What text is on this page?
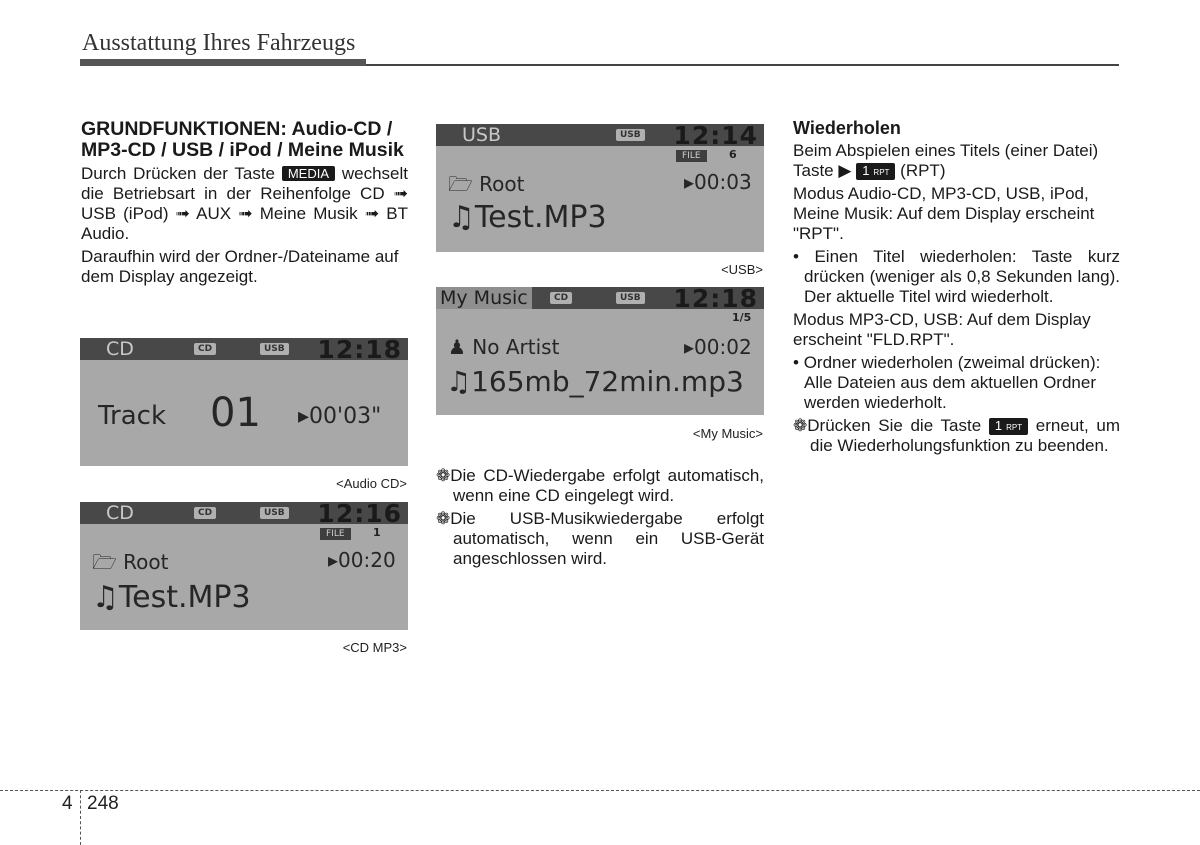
Ausstattung Ihres Fahrzeugs

GRUNDFUNKTIONEN: Audio-CD / MP3-CD / USB / iPod / Meine Musik

Durch Drücken der Taste MEDIA wechselt die Betriebsart in der Reihenfolge CD ➟ USB (iPod) ➟ AUX ➟ Meine Musik ➟ BT Audio.

Daraufhin wird der Ordner-/Dateiname auf dem Display angezeigt.

CD	CD	USB 12:18
Track 01 ▸00'03"
<Audio CD>
CD	CD	USB 12:16
FILE	1
🗁 Root	▸00:20
♫Test.MP3
<CD MP3>
USB	USB 12:14
FILE	6
🗁 Root	▸00:03
♫Test.MP3
<USB>
My Music	CD	USB 12:18
1/5
♟ No Artist	▸00:02
♫165mb_72min.mp3
<My Music>

❁Die CD-Wiedergabe erfolgt automatisch, wenn eine CD eingelegt wird.

❁Die USB-Musikwiedergabe erfolgt automatisch, wenn ein USB-Gerät angeschlossen wird.

Wiederholen

Beim Abspielen eines Titels (einer Datei) Taste ▶ 1 RPT (RPT)

Modus Audio-CD, MP3-CD, USB, iPod, Meine Musik: Auf dem Display erscheint "RPT".

• Einen Titel wiederholen: Taste kurz drücken (weniger als 0,8 Sekunden lang). Der aktuelle Titel wird wiederholt.

Modus MP3-CD, USB: Auf dem Display erscheint "FLD.RPT".

• Ordner wiederholen (zweimal drücken): Alle Dateien aus dem aktuellen Ordner werden wiederholt.

❁Drücken Sie die Taste 1 RPT erneut, um die Wiederholungsfunktion zu beenden.

4 248
